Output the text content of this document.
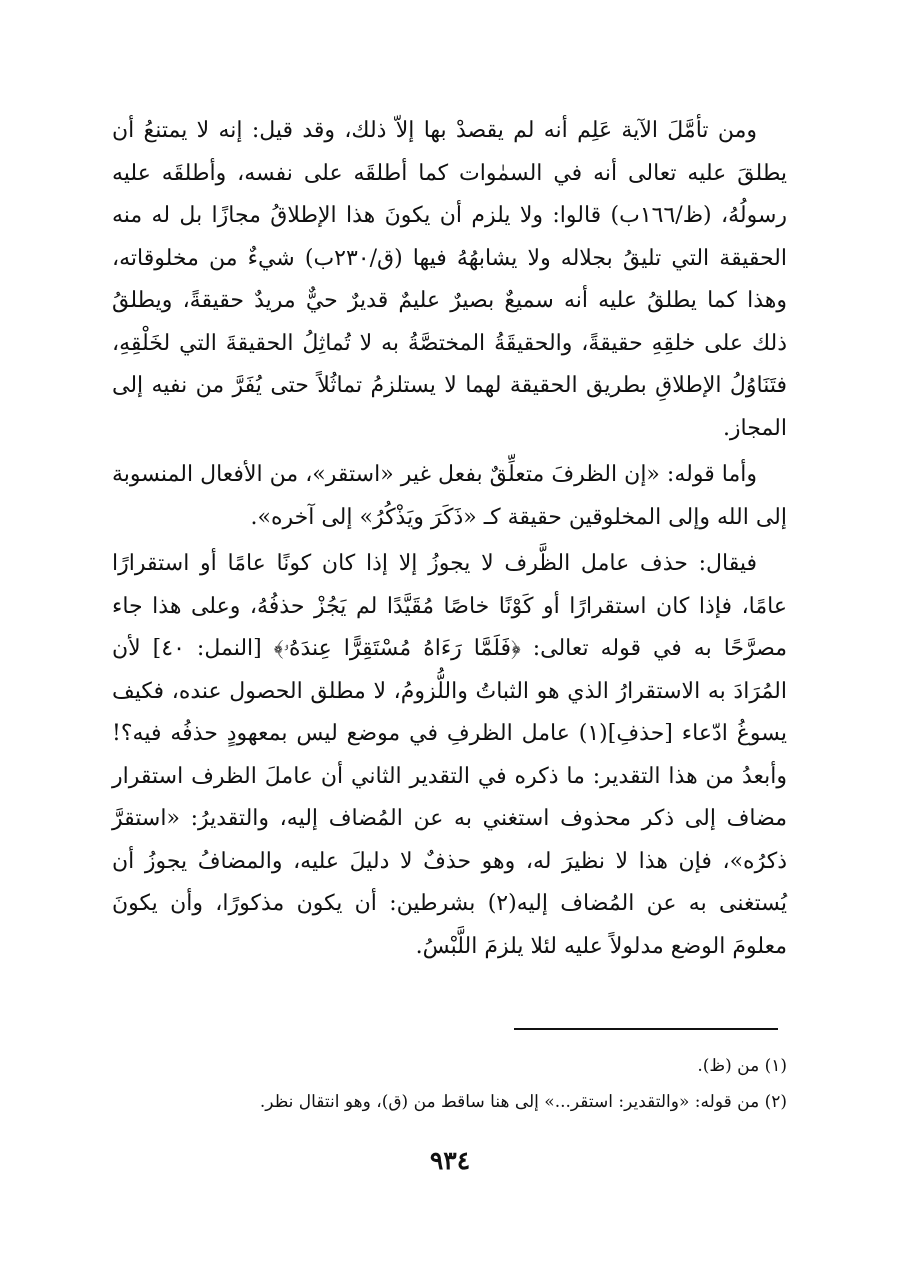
ومن تأمَّلَ الآية عَلِم أنه لم يقصدْ بها إلاّ ذلك، وقد قيل: إنه لا يمتنعُ أن يطلقَ عليه تعالى أنه في السمٰوات كما أطلقَه على نفسه، وأطلقَه عليه رسولُهُ، (ظ/١٦٦ب) قالوا: ولا يلزم أن يكونَ هذا الإطلاقُ مجازًا بل له منه الحقيقة التي تليقُ بجلاله ولا يشابهُهُ فيها (ق/٢٣٠ب) شيءٌ من مخلوقاته، وهذا كما يطلقُ عليه أنه سميعٌ بصيرٌ عليمٌ قديرٌ حيٌّ مريدٌ حقيقةً، ويطلقُ ذلك على خلقِهِ حقيقةً، والحقيقَةُ المختصَّةُ به لا تُماثِلُ الحقيقةَ التي لخَلْقِهِ، فتَنَاوُلُ الإطلاقِ بطريق الحقيقة لهما لا يستلزمُ تماثُلاً حتى يُفَرَّ من نفيه إلى المجاز.

وأما قوله: «إن الظرفَ متعلِّقٌ بفعل غير «استقر»، من الأفعال المنسوبة إلى الله وإلى المخلوقين حقيقة كـ «ذَكَرَ ويَذْكُرُ» إلى آخره».

فيقال: حذف عامل الظَّرف لا يجوزُ إلا إذا كان كونًا عامًا أو استقرارًا عامًا، فإذا كان استقرارًا أو كَوْنًا خاصًا مُقَيَّدًا لم يَجُزْ حذفُهُ، وعلى هذا جاء مصرَّحًا به في قوله تعالى: ﴿فَلَمَّا رَءَاهُ مُسْتَقِرًّا عِندَهُۥ﴾ [النمل: ٤٠] لأن المُرَادَ به الاستقرارُ الذي هو الثباتُ واللُّزومُ، لا مطلق الحصول عنده، فكيف يسوغُ ادّعاء [حذفِ](١) عامل الظرفِ في موضع ليس بمعهودٍ حذفُه فيه؟! وأبعدُ من هذا التقدير: ما ذكره في التقدير الثاني أن عاملَ الظرف استقرار مضاف إلى ذكر محذوف استغني به عن المُضاف إليه، والتقديرُ: «استقرَّ ذكرُه»، فإن هذا لا نظيرَ له، وهو حذفٌ لا دليلَ عليه، والمضافُ يجوزُ أن يُستغنى به عن المُضاف إليه(٢) بشرطين: أن يكون مذكورًا، وأن يكونَ معلومَ الوضع مدلولاً عليه لئلا يلزمَ اللَّبْسُ.

(١) من (ظ).

(٢) من قوله: «والتقدير: استقر...» إلى هنا ساقط من (ق)، وهو انتقال نظر.

٩٣٤
